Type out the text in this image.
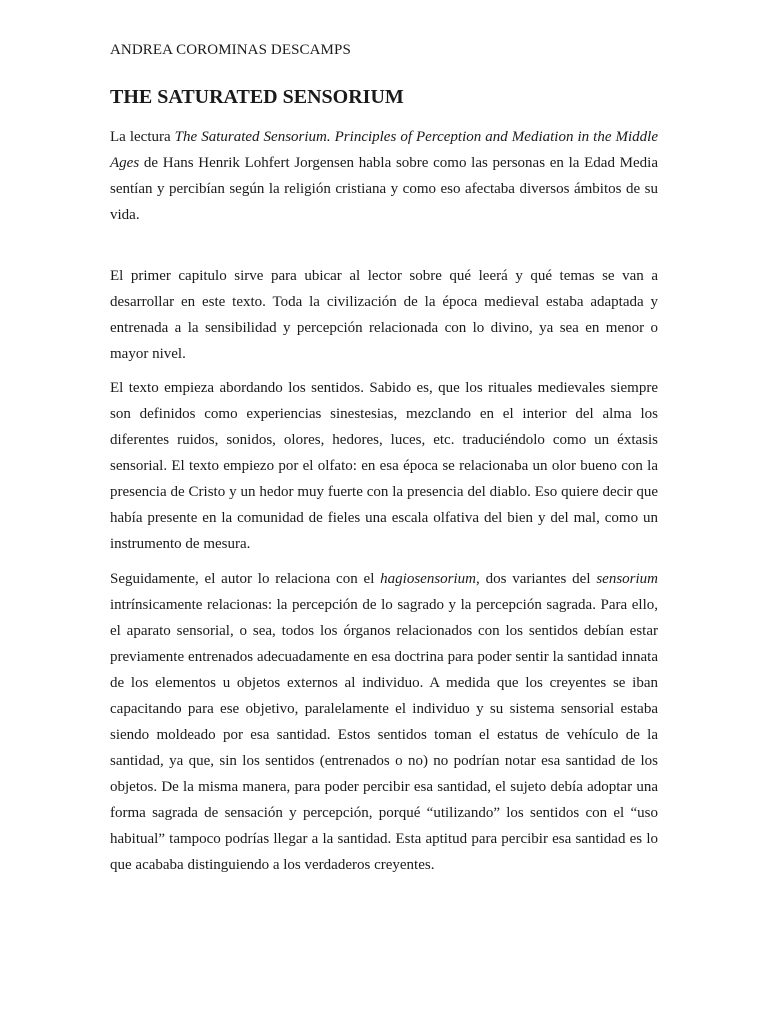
ANDREA COROMINAS DESCAMPS
THE SATURATED SENSORIUM

La lectura The Saturated Sensorium. Principles of Perception and Mediation in the Middle Ages de Hans Henrik Lohfert Jorgensen habla sobre como las personas en la Edad Media sentían y percibían según la religión cristiana y como eso afectaba diversos ámbitos de su vida.

El primer capitulo sirve para ubicar al lector sobre qué leerá y qué temas se van a desarrollar en este texto. Toda la civilización de la época medieval estaba adaptada y entrenada a la sensibilidad y percepción relacionada con lo divino, ya sea en menor o mayor nivel.

El texto empieza abordando los sentidos. Sabido es, que los rituales medievales siempre son definidos como experiencias sinestesias, mezclando en el interior del alma los diferentes ruidos, sonidos, olores, hedores, luces, etc. traduciéndolo como un éxtasis sensorial. El texto empiezo por el olfato: en esa época se relacionaba un olor bueno con la presencia de Cristo y un hedor muy fuerte con la presencia del diablo. Eso quiere decir que había presente en la comunidad de fieles una escala olfativa del bien y del mal, como un instrumento de mesura.

Seguidamente, el autor lo relaciona con el hagiosensorium, dos variantes del sensorium intrínsicamente relacionas: la percepción de lo sagrado y la percepción sagrada. Para ello, el aparato sensorial, o sea, todos los órganos relacionados con los sentidos debían estar previamente entrenados adecuadamente en esa doctrina para poder sentir la santidad innata de los elementos u objetos externos al individuo. A medida que los creyentes se iban capacitando para ese objetivo, paralelamente el individuo y su sistema sensorial estaba siendo moldeado por esa santidad. Estos sentidos toman el estatus de vehículo de la santidad, ya que, sin los sentidos (entrenados o no) no podrían notar esa santidad de los objetos. De la misma manera, para poder percibir esa santidad, el sujeto debía adoptar una forma sagrada de sensación y percepción, porqué “utilizando” los sentidos con el “uso habitual” tampoco podrías llegar a la santidad. Esta aptitud para percibir esa santidad es lo que acababa distinguiendo a los verdaderos creyentes.
